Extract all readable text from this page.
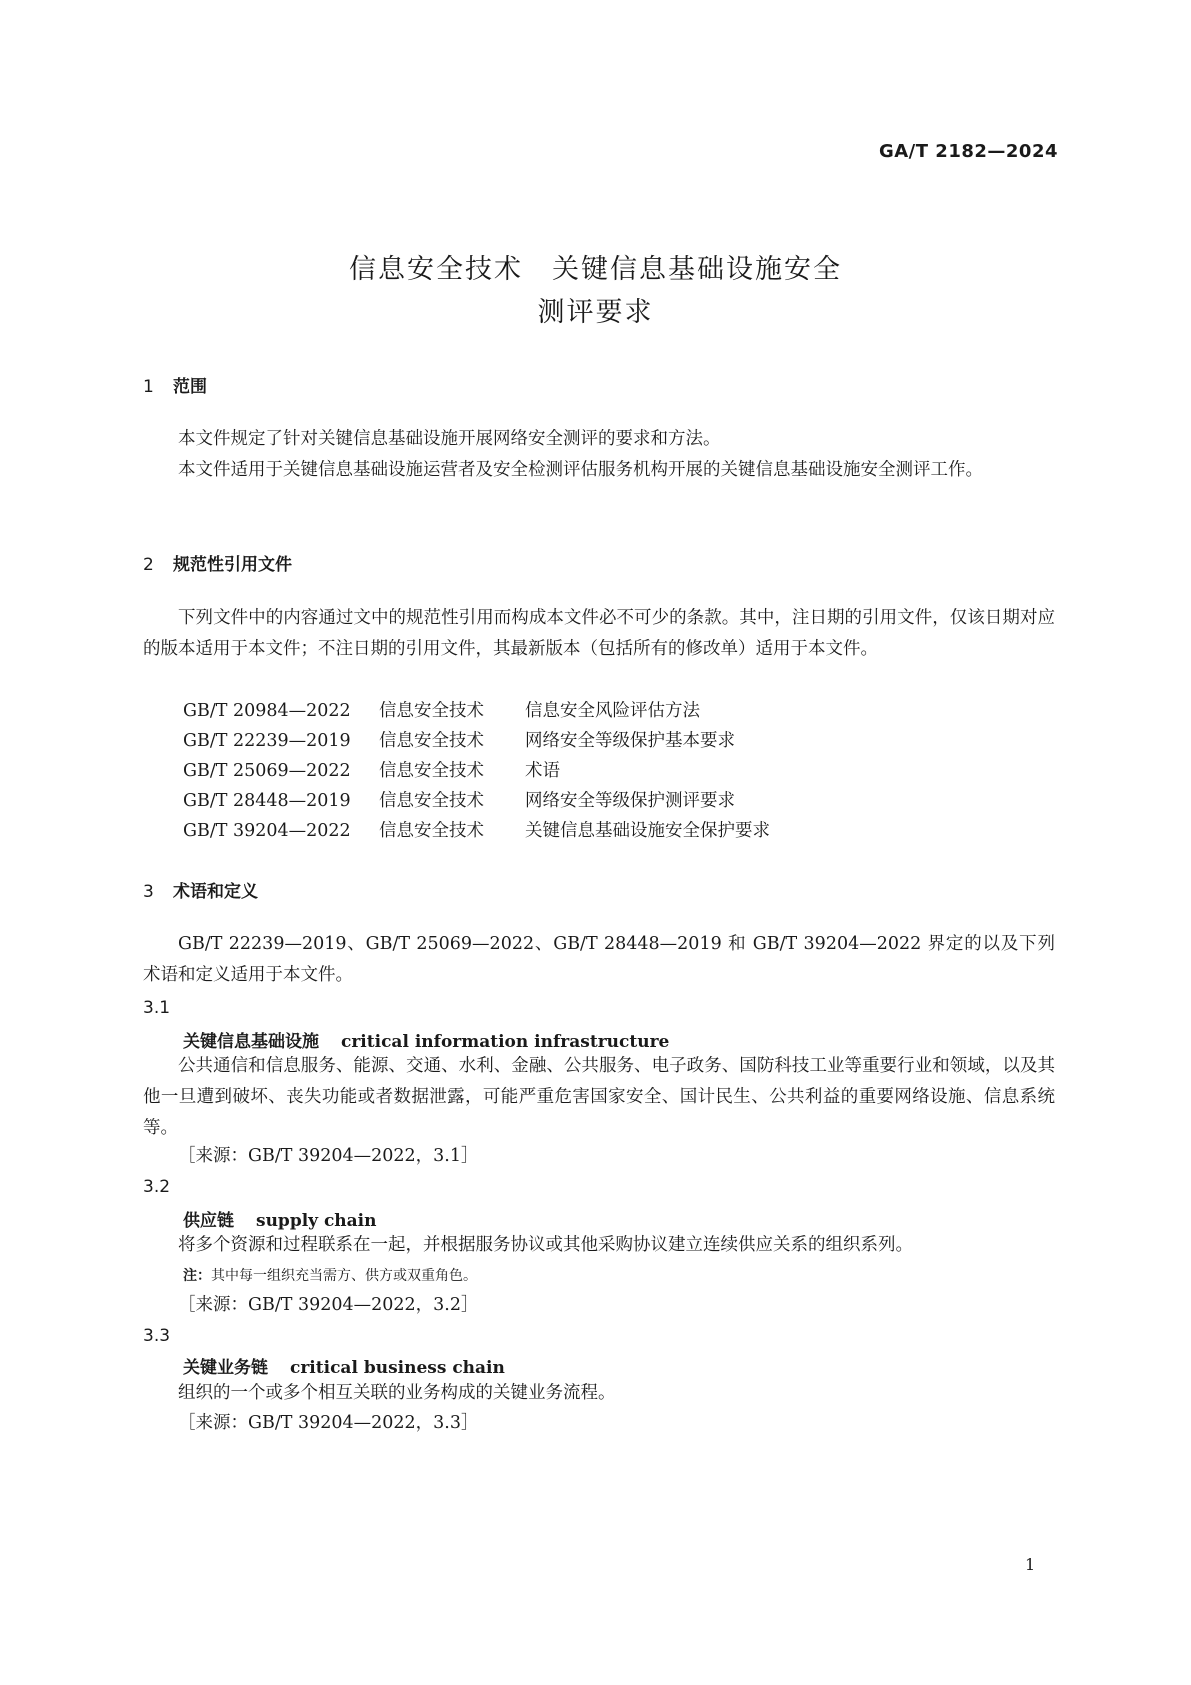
GA/T 2182—2024
信息安全技术　关键信息基础设施安全
测评要求
1 范围
本文件规定了针对关键信息基础设施开展网络安全测评的要求和方法。
本文件适用于关键信息基础设施运营者及安全检测评估服务机构开展的关键信息基础设施安全测评工作。
2 规范性引用文件
下列文件中的内容通过文中的规范性引用而构成本文件必不可少的条款。其中，注日期的引用文件，仅该日期对应的版本适用于本文件；不注日期的引用文件，其最新版本（包括所有的修改单）适用于本文件。
GB/T 20984—2022 信息安全技术 信息安全风险评估方法
GB/T 22239—2019 信息安全技术 网络安全等级保护基本要求
GB/T 25069—2022 信息安全技术 术语
GB/T 28448—2019 信息安全技术 网络安全等级保护测评要求
GB/T 39204—2022 信息安全技术 关键信息基础设施安全保护要求
3 术语和定义
GB/T 22239—2019、GB/T 25069—2022、GB/T 28448—2019 和 GB/T 39204—2022 界定的以及下列术语和定义适用于本文件。
3.1
关键信息基础设施 critical information infrastructure
公共通信和信息服务、能源、交通、水利、金融、公共服务、电子政务、国防科技工业等重要行业和领域，以及其他一旦遭到破坏、丧失功能或者数据泄露，可能严重危害国家安全、国计民生、公共利益的重要网络设施、信息系统等。
［来源：GB/T 39204—2022，3.1］
3.2
供应链 supply chain
将多个资源和过程联系在一起，并根据服务协议或其他采购协议建立连续供应关系的组织系列。
注：其中每一组织充当需方、供方或双重角色。
［来源：GB/T 39204—2022，3.2］
3.3
关键业务链 critical business chain
组织的一个或多个相互关联的业务构成的关键业务流程。
［来源：GB/T 39204—2022，3.3］
1
